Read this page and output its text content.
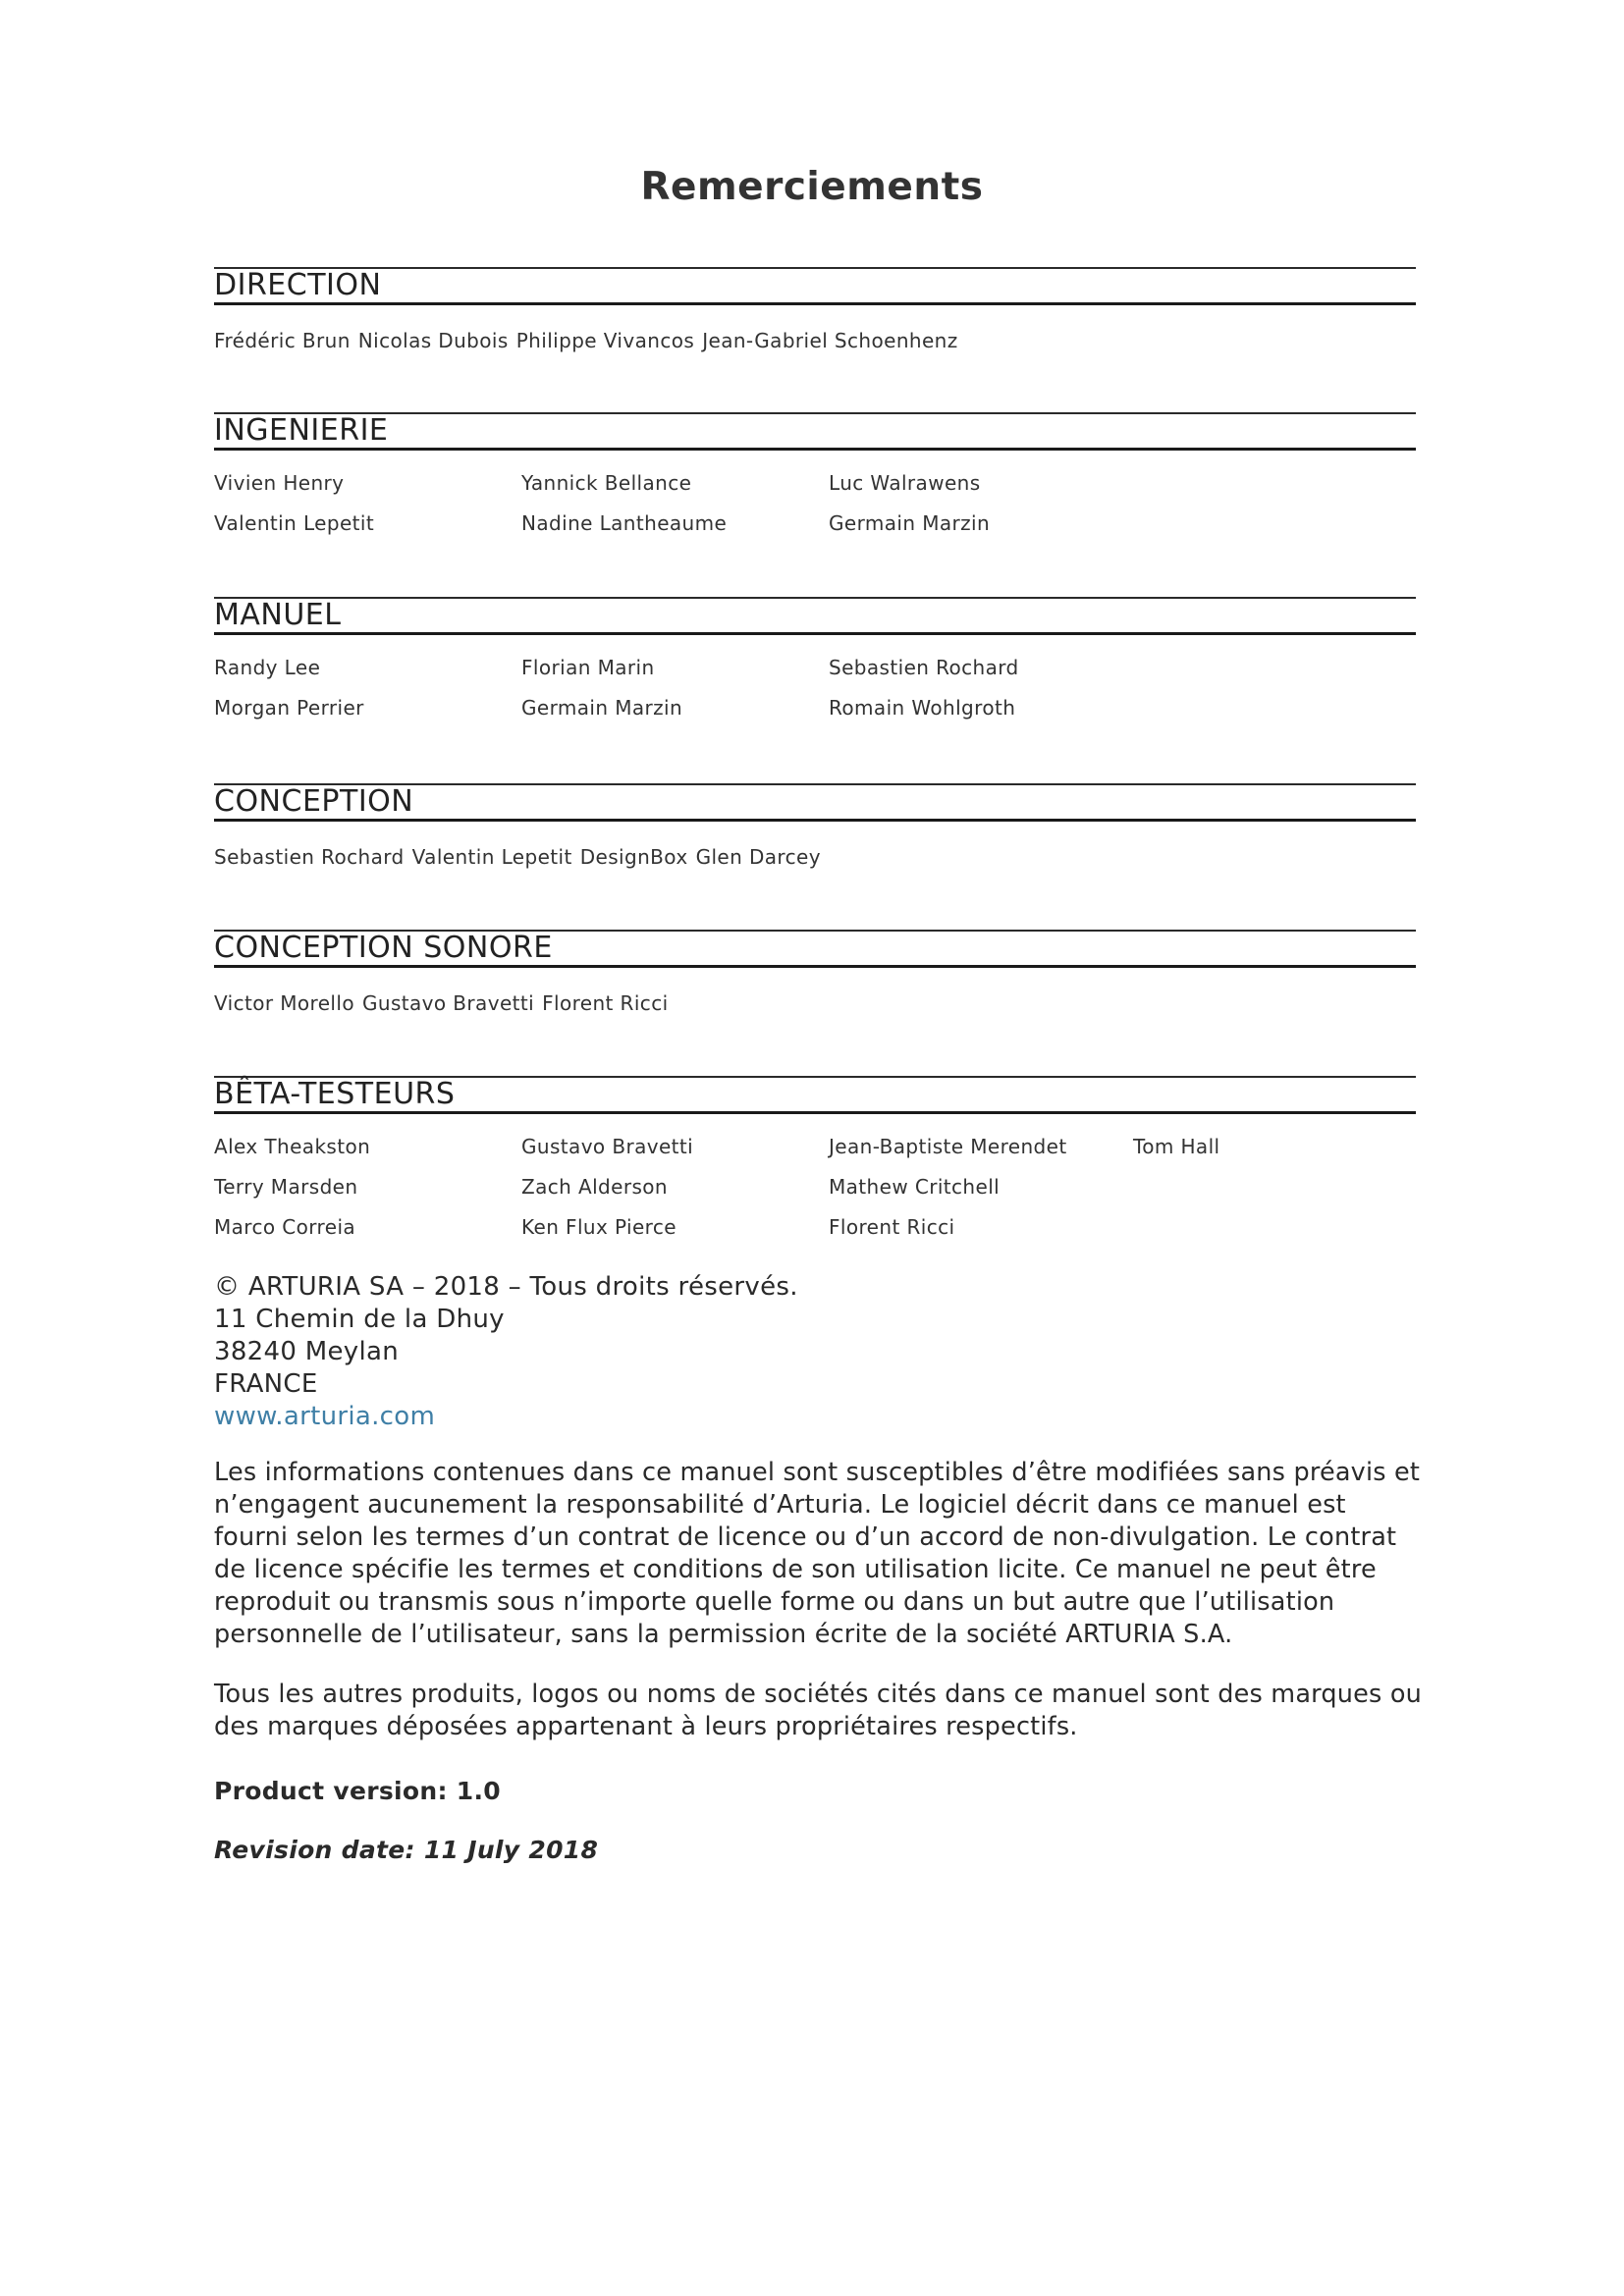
Remerciements
DIRECTION
Frédéric Brun Nicolas Dubois Philippe Vivancos Jean-Gabriel Schoenhenz
INGENIERIE
Vivien Henry	Yannick Bellance	Luc Walrawens
Valentin Lepetit	Nadine Lantheaume	Germain Marzin
MANUEL
Randy Lee	Florian Marin	Sebastien Rochard
Morgan Perrier	Germain Marzin	Romain Wohlgroth
CONCEPTION
Sebastien Rochard Valentin Lepetit DesignBox Glen Darcey
CONCEPTION SONORE
Victor Morello Gustavo Bravetti Florent Ricci
BÊTA-TESTEURS
Alex Theakston	Gustavo Bravetti	Jean-Baptiste Merendet	Tom Hall
Terry Marsden	Zach Alderson	Mathew Critchell
Marco Correia	Ken Flux Pierce	Florent Ricci
© ARTURIA SA – 2018 – Tous droits réservés.
11 Chemin de la Dhuy
38240 Meylan
FRANCE
www.arturia.com

Les informations contenues dans ce manuel sont susceptibles d’être modifiées sans préavis et n’engagent aucunement la responsabilité d’Arturia. Le logiciel décrit dans ce manuel est fourni selon les termes d’un contrat de licence ou d’un accord de non-divulgation. Le contrat de licence spécifie les termes et conditions de son utilisation licite. Ce manuel ne peut être reproduit ou transmis sous n’importe quelle forme ou dans un but autre que l’utilisation personnelle de l’utilisateur, sans la permission écrite de la société ARTURIA S.A.

Tous les autres produits, logos ou noms de sociétés cités dans ce manuel sont des marques ou des marques déposées appartenant à leurs propriétaires respectifs.

Product version: 1.0
Revision date: 11 July 2018
